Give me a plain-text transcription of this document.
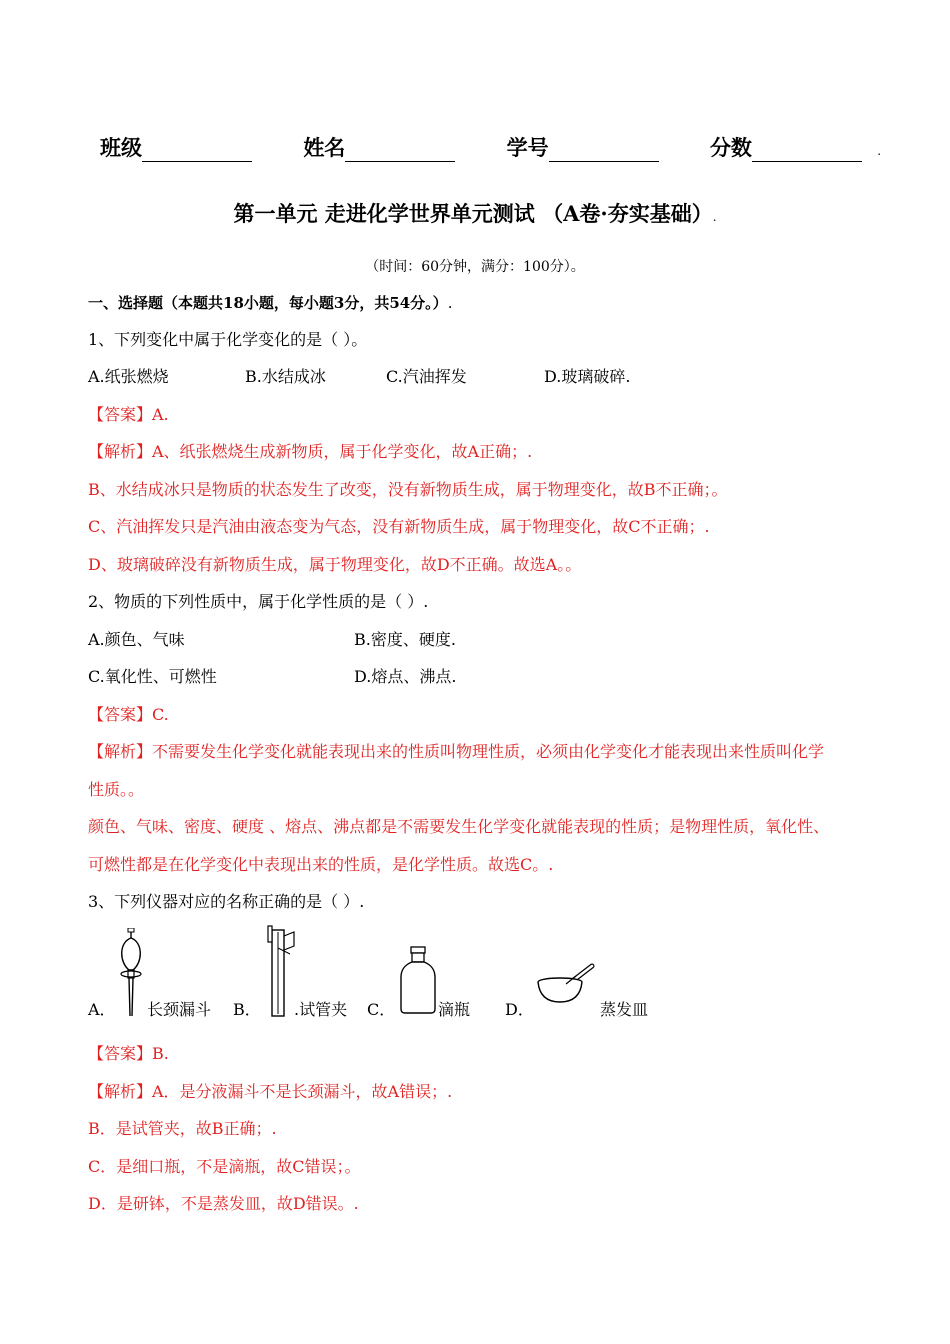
班级	姓名	学号	分数	.
第一单元 走进化学世界单元测试 （A卷·夯实基础）.
（时间：60分钟，满分：100分）。
一、选择题（本题共18小题，每小题3分，共54分。）.
1、下列变化中属于化学变化的是（ ）。
A.纸张燃烧	B.水结成冰	C.汽油挥发	D.玻璃破碎.
【答案】A.
【解析】A、纸张燃烧生成新物质，属于化学变化，故A正确；.
B、水结成冰只是物质的状态发生了改变，没有新物质生成，属于物理变化，故B不正确；。
C、汽油挥发只是汽油由液态变为气态，没有新物质生成，属于物理变化，故C不正确；.
D、玻璃破碎没有新物质生成，属于物理变化，故D不正确。故选A。。
2、物质的下列性质中，属于化学性质的是（ ）.
A.颜色、气味	B.密度、硬度.
C.氧化性、可燃性	D.熔点、沸点.
【答案】C.
【解析】不需要发生化学变化就能表现出来的性质叫物理性质，必须由化学变化才能表现出来性质叫化学
性质。。
颜色、气味、密度、硬度 、熔点、沸点都是不需要发生化学变化就能表现的性质；是物理性质，氧化性、
可燃性都是在化学变化中表现出来的性质，是化学性质。故选C。.
3、下列仪器对应的名称正确的是（ ）.
A． 长颈漏斗 B． .试管夹 C．	滴瓶 D．	蒸发皿
【答案】B.
【解析】A．是分液漏斗不是长颈漏斗，故A错误；.
B．是试管夹，故B正确；.
C．是细口瓶，不是滴瓶，故C错误；。
D．是研钵，不是蒸发皿，故D错误。.
